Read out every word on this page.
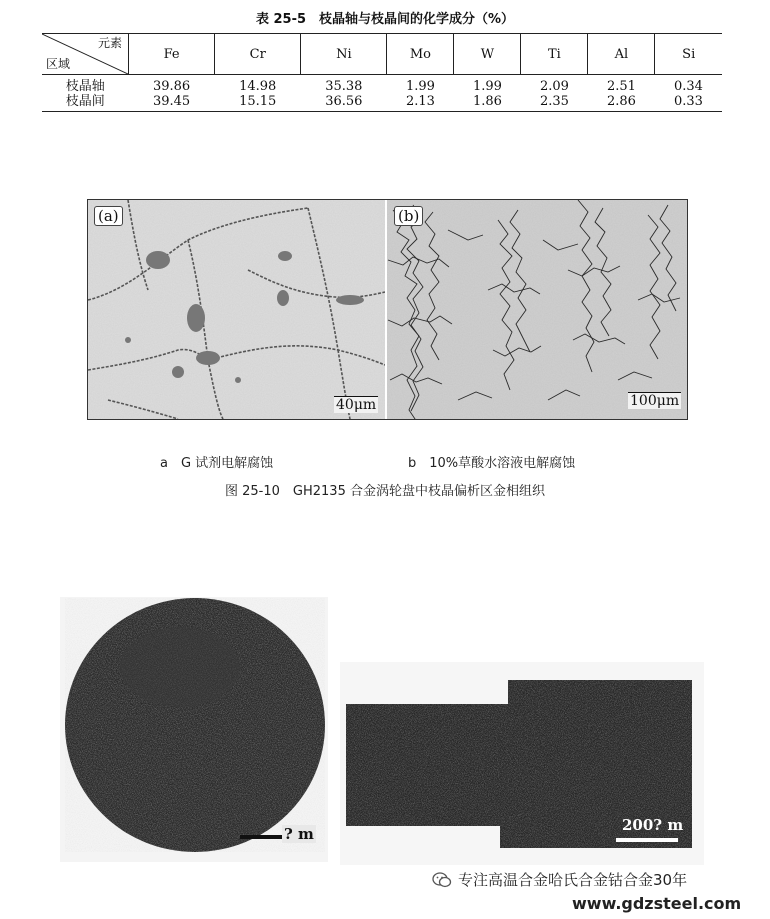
表 25-5　枝晶轴与枝晶间的化学成分（%）
元素
区域	Fe	Cr	Ni	Mo	W	Ti	Al	Si
枝晶轴	39.86	14.98	35.38	1.99	1.99	2.09	2.51	0.34
枝晶间	39.45	15.15	36.56	2.13	1.86	2.35	2.86	0.33
(a)	(b)
40μm	100μm
a　G 试剂电解腐蚀	b　10%草酸水溶液电解腐蚀
图 25-10　GH2135 合金涡轮盘中枝晶偏析区金相组织
? m	200? m
专注高温合金哈氏合金钴合金30年
www.gdzsteel.com
